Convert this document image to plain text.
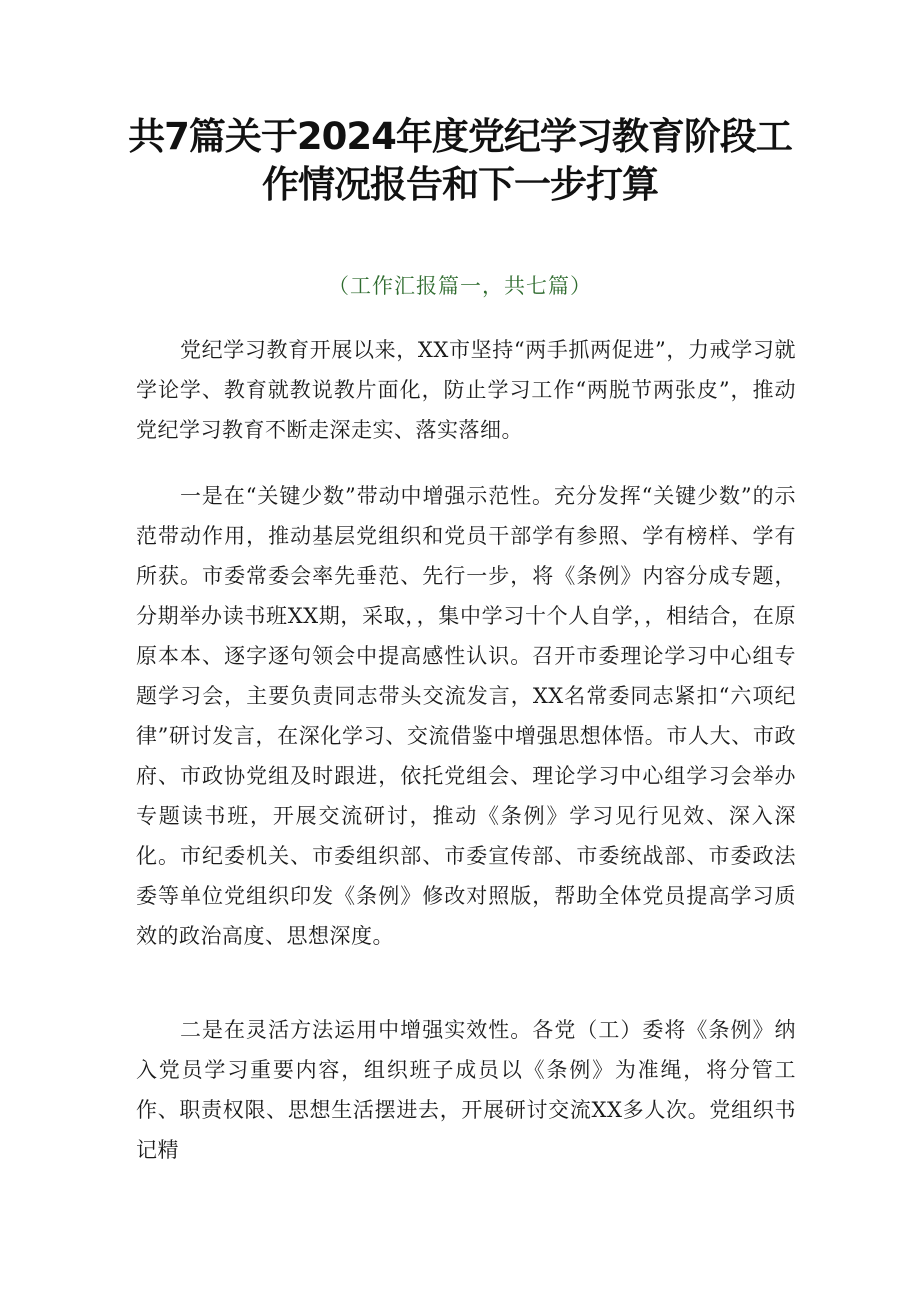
共7篇关于2024年度党纪学习教育阶段工
作情况报告和下一步打算

（工作汇报篇一，共七篇）

党纪学习教育开展以来，XX市坚持“两手抓两促进”，力戒学习就学论学、教育就教说教片面化，防止学习工作“两脱节两张皮”，推动党纪学习教育不断走深走实、落实落细。

一是在“关键少数”带动中增强示范性。充分发挥“关键少数”的示范带动作用，推动基层党组织和党员干部学有参照、学有榜样、学有所获。市委常委会率先垂范、先行一步，将《条例》内容分成专题，分期举办读书班XX期，采取，，集中学习十个人自学，，相结合，在原原本本、逐字逐句领会中提高感性认识。召开市委理论学习中心组专题学习会，主要负责同志带头交流发言，XX名常委同志紧扣“六项纪律”研讨发言，在深化学习、交流借鉴中增强思想体悟。市人大、市政府、市政协党组及时跟进，依托党组会、理论学习中心组学习会举办专题读书班，开展交流研讨，推动《条例》学习见行见效、深入深化。市纪委机关、市委组织部、市委宣传部、市委统战部、市委政法委等单位党组织印发《条例》修改对照版，帮助全体党员提高学习质效的政治高度、思想深度。

二是在灵活方法运用中增强实效性。各党（工）委将《条例》纳入党员学习重要内容，组织班子成员以《条例》为准绳，将分管工作、职责权限、思想生活摆进去，开展研讨交流XX多人次。党组织书记精
